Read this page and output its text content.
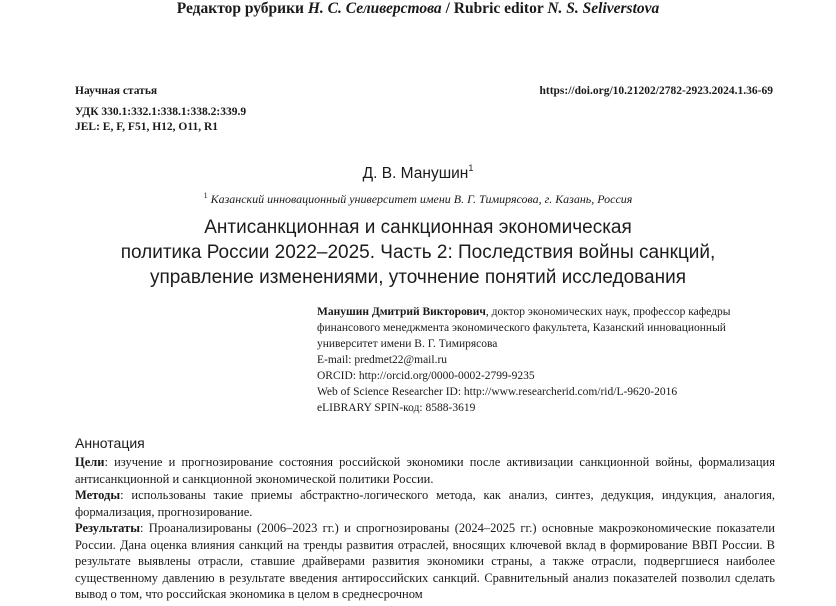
Редактор рубрики Н. С. Селиверстова / Rubric editor N. S. Seliverstova
Научная статья
УДК 330.1:332.1:338.1:338.2:339.9
JEL: E, F, F51, H12, O11, R1
https://doi.org/10.21202/2782-2923.2024.1.36-69
Д. В. Манушин$^1$
$^1$ Казанский инновационный университет имени В. Г. Тимирясова, г. Казань, Россия
Антисанкционная и санкционная экономическая
политика России 2022–2025. Часть 2: Последствия войны санкций,
управление изменениями, уточнение понятий исследования
Манушин Дмитрий Викторович, доктор экономических наук, профессор кафедры финансового менеджмента экономического факультета, Казанский инновационный университет имени В. Г. Тимирясова
E-mail: predmet22@mail.ru
ORCID: http://orcid.org/0000-0002-2799-9235
Web of Science Researcher ID: http://www.researcherid.com/rid/L-9620-2016
eLIBRARY SPIN-код: 8588-3619
Аннотация

Цели: изучение и прогнозирование состояния российской экономики после активизации санкционной войны, формализация антисанкционной и санкционной экономической политики России.

Методы: использованы такие приемы абстрактно-логического метода, как анализ, синтез, дедукция, индукция, аналогия, формализация, прогнозирование.

Результаты: Проанализированы (2006–2023 гг.) и спрогнозированы (2024–2025 гг.) основные макроэкономические показатели России. Дана оценка влияния санкций на тренды развития отраслей, вносящих ключевой вклад в формирование ВВП России. В результате выявлены отрасли, ставшие драйверами развития экономики страны, а также отрасли, подвергшиеся наиболее существенному давлению в результате введения антироссийских санкций. Сравнительный анализ показателей позволил сделать вывод о том, что российская экономика в целом в среднесрочном
